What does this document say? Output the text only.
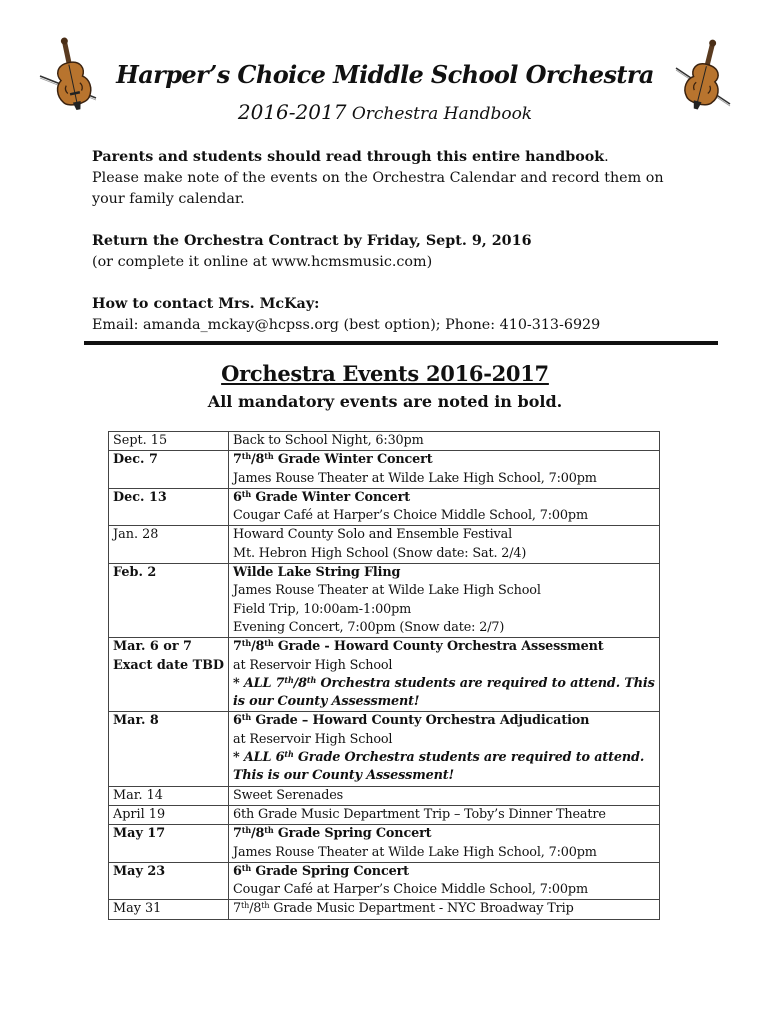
Harper’s Choice Middle School Orchestra
2016-2017 Orchestra Handbook

Parents and students should read through this entire handbook.
Please make note of the events on the Orchestra Calendar and record them on your family calendar.

Return the Orchestra Contract by Friday, Sept. 9, 2016
(or complete it online at www.hcmsmusic.com)

How to contact Mrs. McKay:
Email: amanda_mckay@hcpss.org (best option); Phone: 410-313-6929

Orchestra Events 2016-2017
All mandatory events are noted in bold.
Sept. 15	Back to School Night, 6:30pm

Dec. 7	7th/8th Grade Winter Concert
James Rouse Theater at Wilde Lake High School, 7:00pm

Dec. 13	6th Grade Winter Concert
Cougar Café at Harper’s Choice Middle School, 7:00pm

Jan. 28	Howard County Solo and Ensemble Festival
Mt. Hebron High School (Snow date: Sat. 2/4)

Feb. 2	Wilde Lake String Fling
James Rouse Theater at Wilde Lake High School
Field Trip, 10:00am-1:00pm
Evening Concert, 7:00pm (Snow date: 2/7)

Mar. 6 or 7
Exact date TBD	7th/8th Grade - Howard County Orchestra Assessment
at Reservoir High School
* ALL 7th/8th Orchestra students are required to attend. This
is our County Assessment!

Mar. 8	6th Grade – Howard County Orchestra Adjudication
at Reservoir High School
* ALL 6th Grade Orchestra students are required to attend.
This is our County Assessment!

Mar. 14	Sweet Serenades

April 19	6th Grade Music Department Trip – Toby’s Dinner Theatre

May 17	7th/8th Grade Spring Concert
James Rouse Theater at Wilde Lake High School, 7:00pm

May 23	6th Grade Spring Concert
Cougar Café at Harper’s Choice Middle School, 7:00pm

May 31	7th/8th Grade Music Department - NYC Broadway Trip
